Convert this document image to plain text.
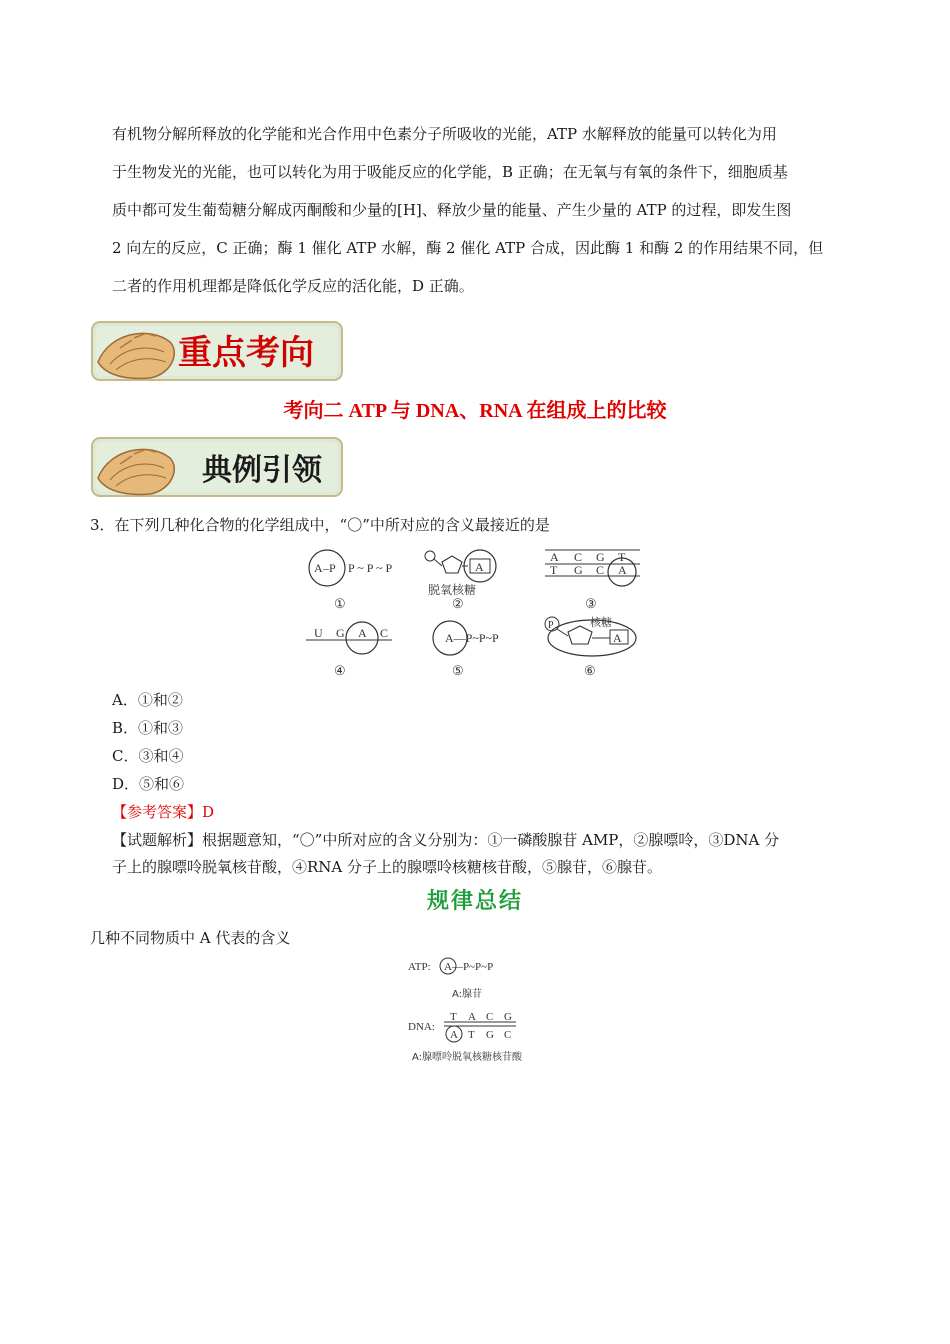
有机物分解所释放的化学能和光合作用中色素分子所吸收的光能，ATP 水解释放的能量可以转化为用
于生物发光的光能，也可以转化为用于吸能反应的化学能，B 正确；在无氧与有氧的条件下，细胞质基
质中都可发生葡萄糖分解成丙酮酸和少量的[H]、释放少量的能量、产生少量的 ATP 的过程，即发生图
2 向左的反应，C 正确；酶 1 催化 ATP 水解，酶 2 催化 ATP 合成，因此酶 1 和酶 2 的作用结果不同，但
二者的作用机理都是降低化学反应的活化能，D 正确。
重点考向
考向二 ATP 与 DNA、RNA 在组成上的比较
典例引领
3．在下列几种化合物的化学组成中，“〇”中所对应的含义最接近的是
A –P P ~ P ~ P
①
A
脱氧核糖
②
A C G T
T G C A
③
U G A C
④
A—P~P~P
⑤
P	核糖
A
⑥
A．①和②
B．①和③
C．③和④
D．⑤和⑥
【参考答案】D
【试题解析】根据题意知，“〇”中所对应的含义分别为：①一磷酸腺苷 AMP，②腺嘌呤，③DNA 分
子上的腺嘌呤脱氧核苷酸，④RNA 分子上的腺嘌呤核糖核苷酸，⑤腺苷，⑥腺苷。
规律总结
几种不同物质中 A 代表的含义
ATP: A—P~P~P
A:腺苷
DNA:
T A C G
A T G C
A:腺嘌呤脱氧核糖核苷酸
